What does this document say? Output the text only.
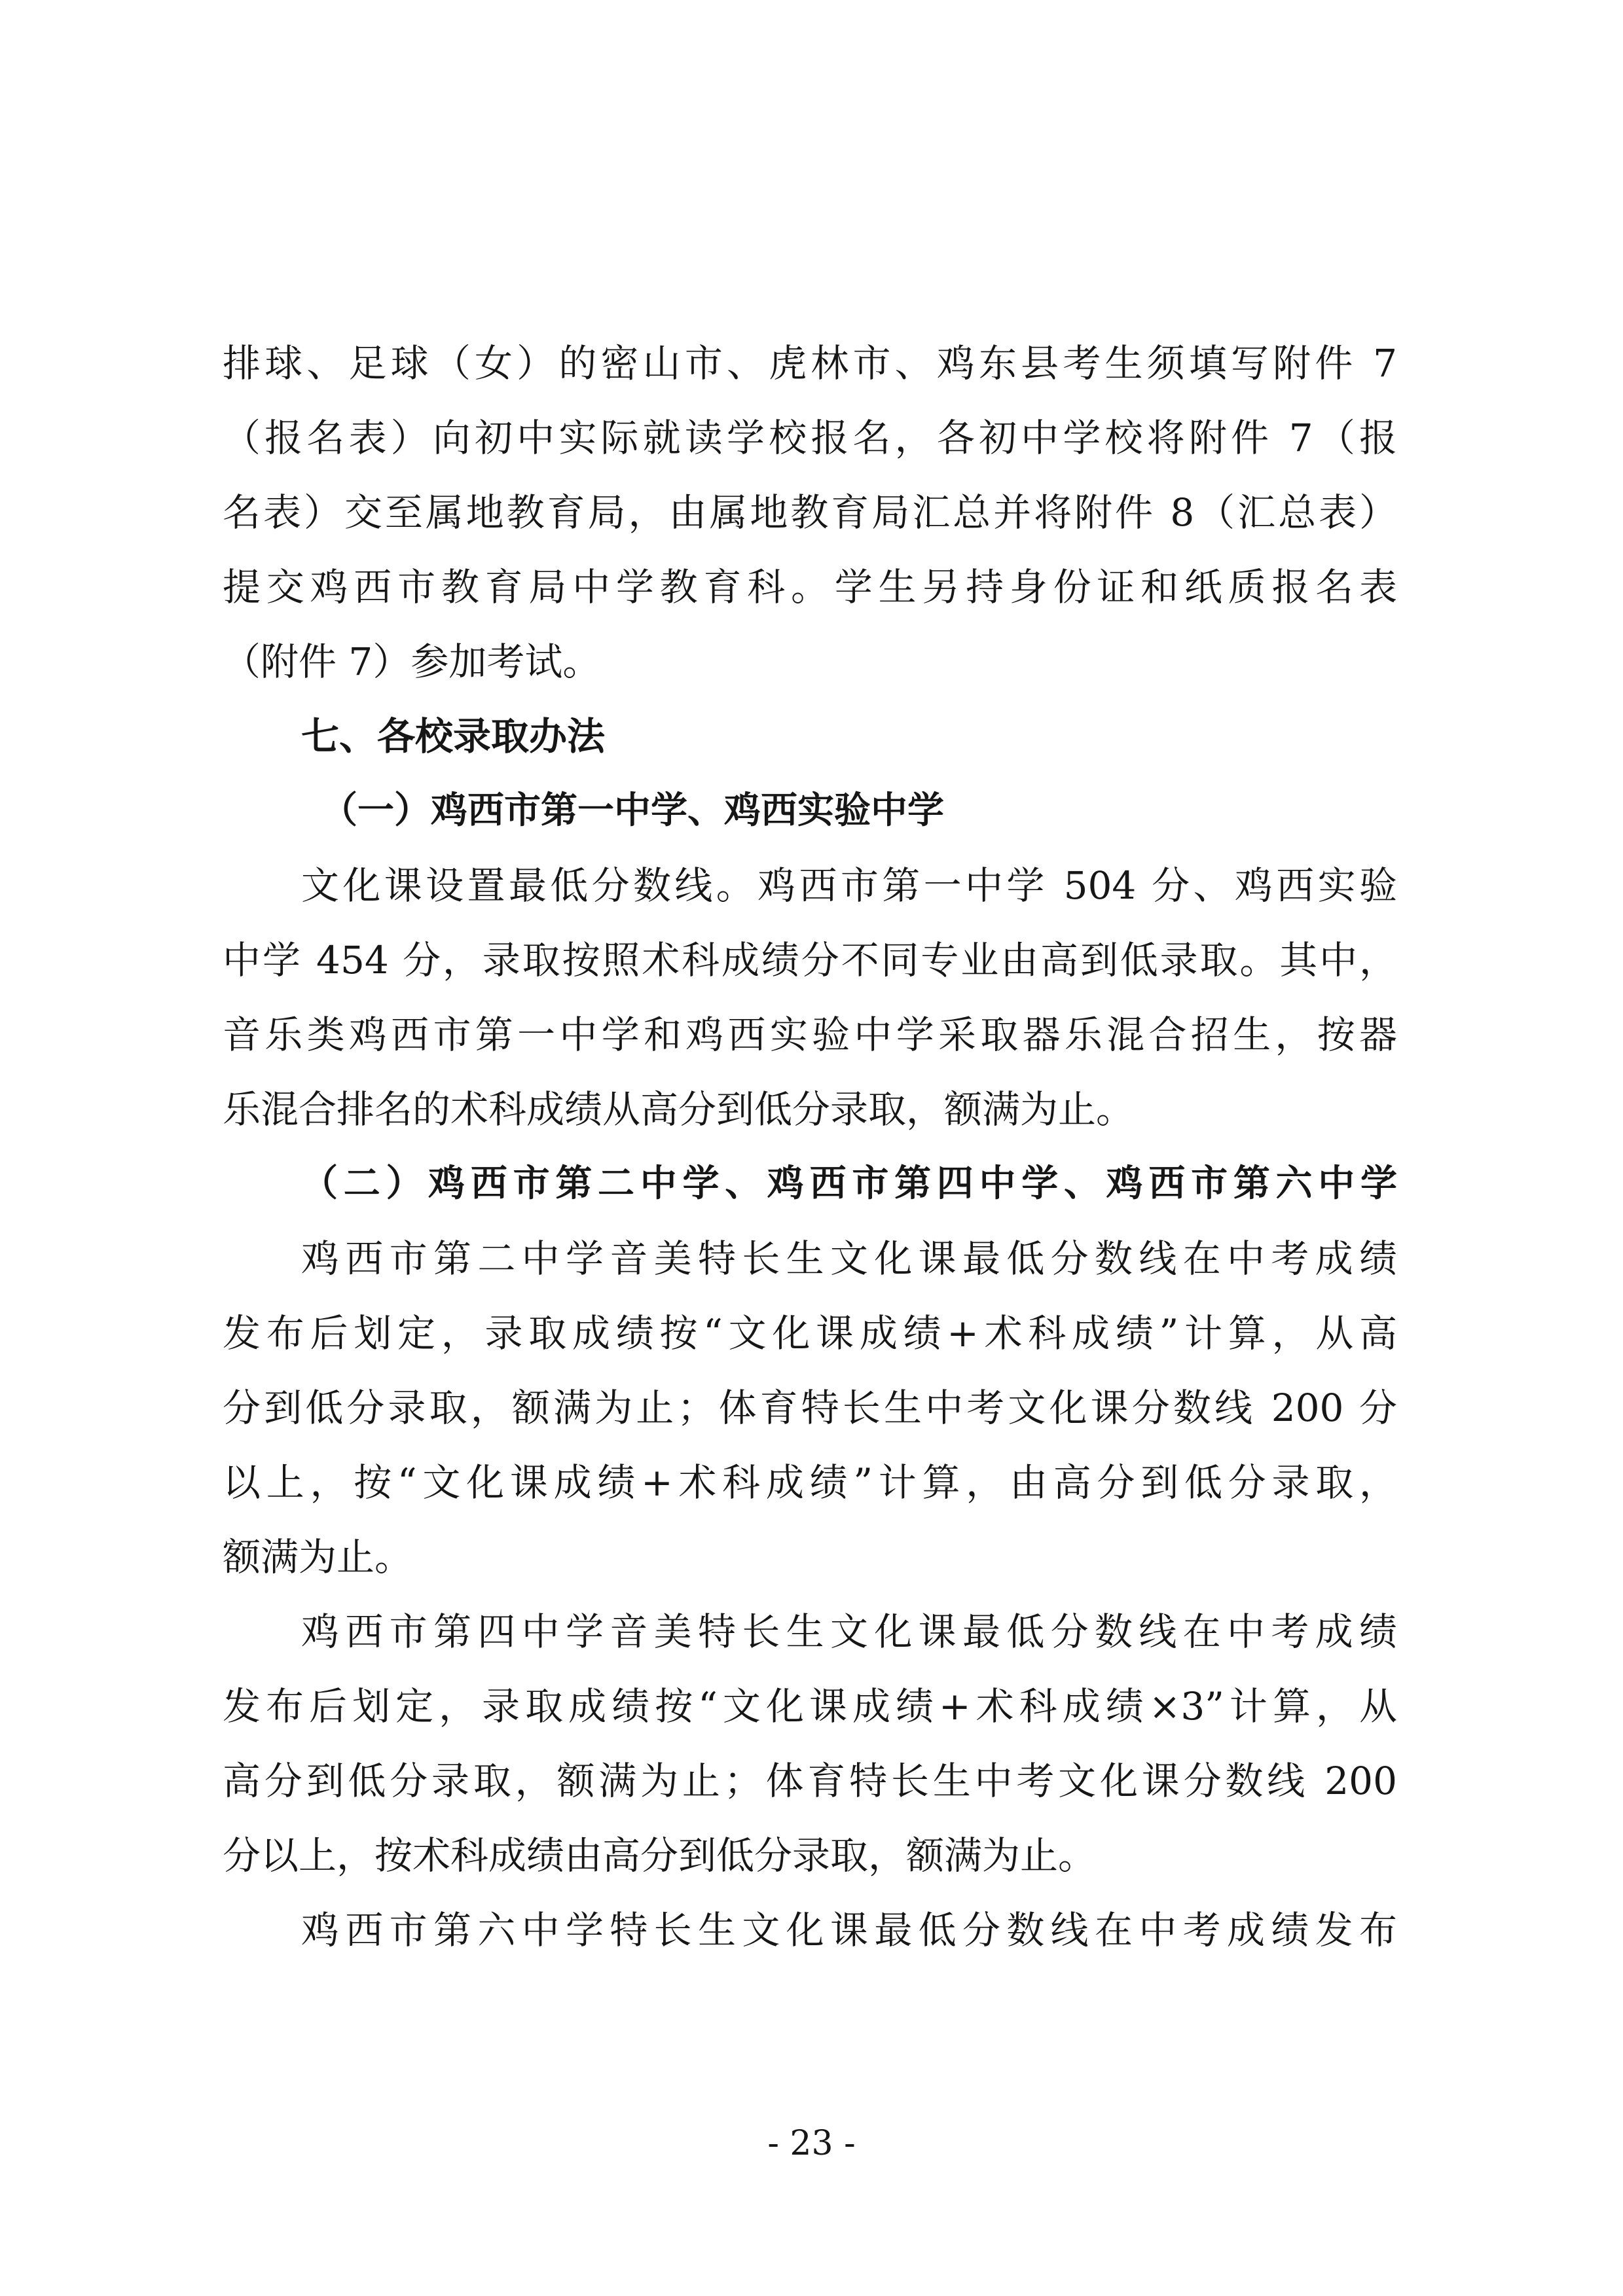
排球、足球（女）的密山市、虎林市、鸡东县考生须填写附件 7
（报名表）向初中实际就读学校报名，各初中学校将附件 7（报
名表）交至属地教育局，由属地教育局汇总并将附件 8（汇总表）
提交鸡西市教育局中学教育科。学生另持身份证和纸质报名表
（附件 7）参加考试。
七、各校录取办法
（一）鸡西市第一中学、鸡西实验中学
文化课设置最低分数线。鸡西市第一中学 504 分、鸡西实验
中学 454 分，录取按照术科成绩分不同专业由高到低录取。其中，
音乐类鸡西市第一中学和鸡西实验中学采取器乐混合招生，按器
乐混合排名的术科成绩从高分到低分录取，额满为止。
（二）鸡西市第二中学、鸡西市第四中学、鸡西市第六中学
鸡西市第二中学音美特长生文化课最低分数线在中考成绩
发布后划定，录取成绩按“文化课成绩+术科成绩”计算，从高
分到低分录取，额满为止；体育特长生中考文化课分数线 200 分
以上，按“文化课成绩+术科成绩”计算，由高分到低分录取，
额满为止。
鸡西市第四中学音美特长生文化课最低分数线在中考成绩
发布后划定，录取成绩按“文化课成绩+术科成绩×3”计算，从
高分到低分录取，额满为止；体育特长生中考文化课分数线 200
分以上，按术科成绩由高分到低分录取，额满为止。
鸡西市第六中学特长生文化课最低分数线在中考成绩发布
- 23 -
